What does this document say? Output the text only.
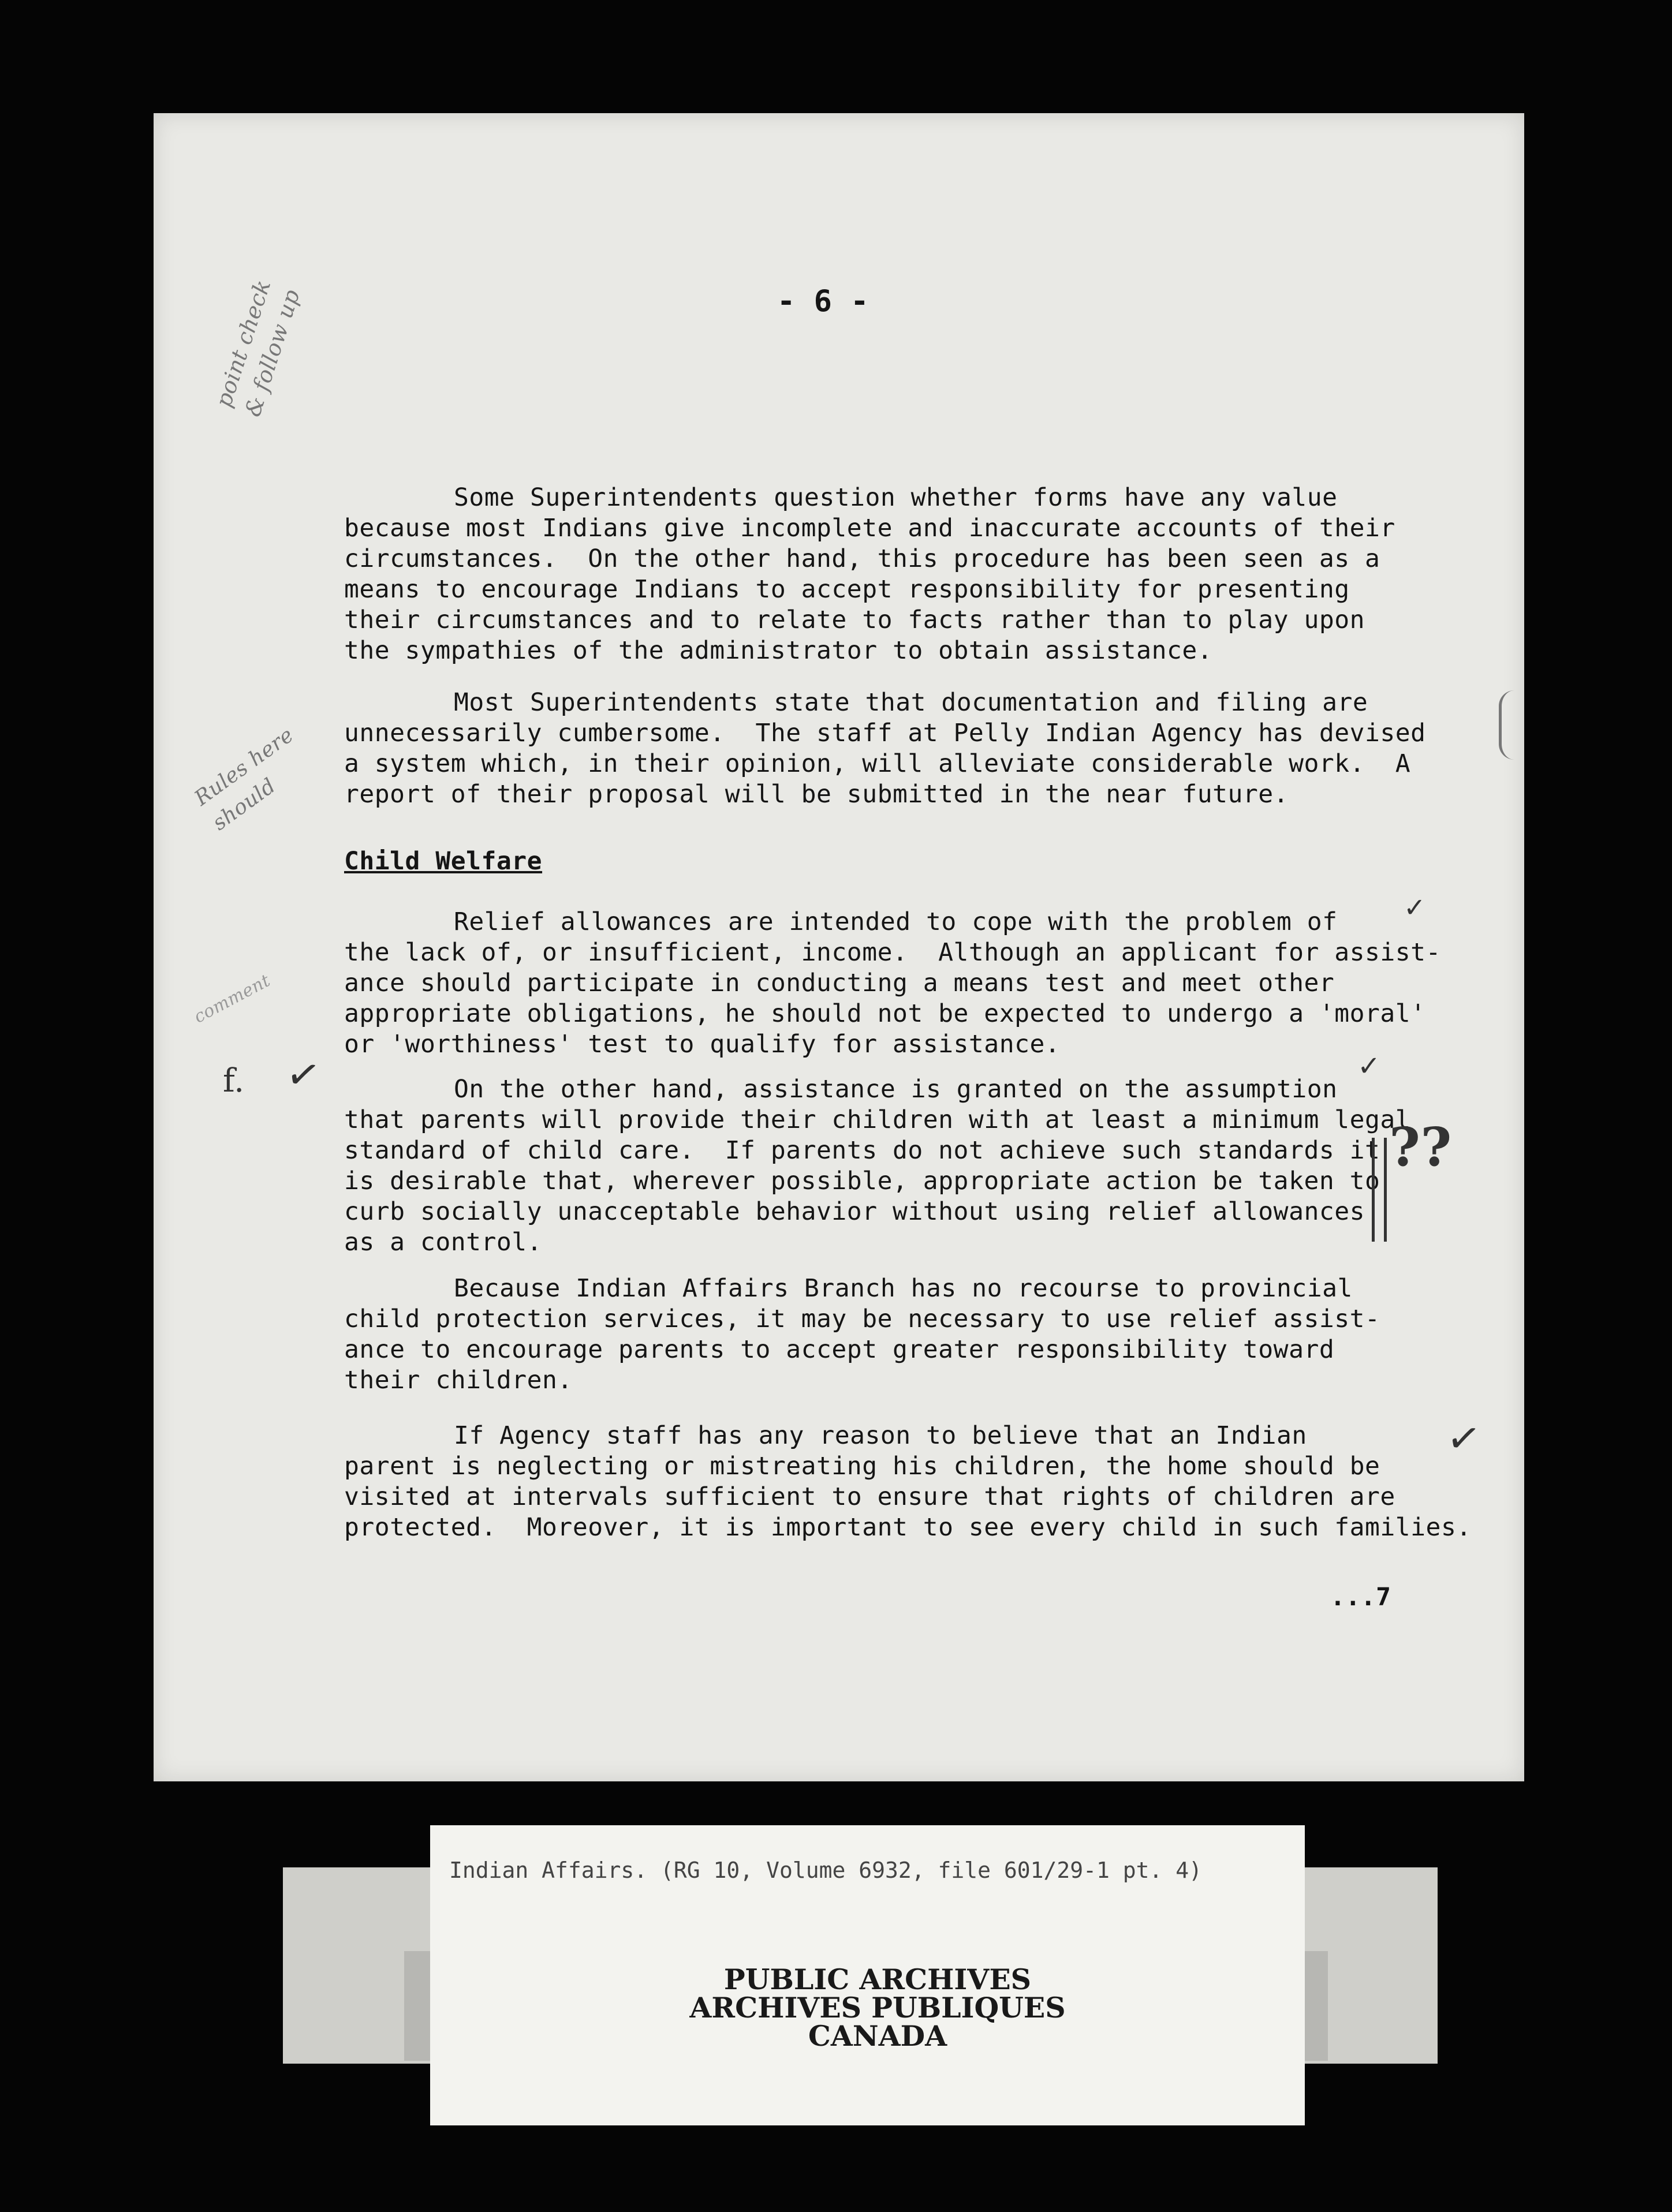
- 6 -
Some Superintendents question whether forms have any value
because most Indians give incomplete and inaccurate accounts of their
circumstances.  On the other hand, this procedure has been seen as a
means to encourage Indians to accept responsibility for presenting
their circumstances and to relate to facts rather than to play upon
the sympathies of the administrator to obtain assistance.
Most Superintendents state that documentation and filing are
unnecessarily cumbersome.  The staff at Pelly Indian Agency has devised
a system which, in their opinion, will alleviate considerable work.  A
report of their proposal will be submitted in the near future.
Child Welfare
Relief allowances are intended to cope with the problem of
the lack of, or insufficient, income.  Although an applicant for assist-
ance should participate in conducting a means test and meet other
appropriate obligations, he should not be expected to undergo a 'moral'
or 'worthiness' test to qualify for assistance.
On the other hand, assistance is granted on the assumption
that parents will provide their children with at least a minimum legal
standard of child care.  If parents do not achieve such standards it
is desirable that, wherever possible, appropriate action be taken to
curb socially unacceptable behavior without using relief allowances
as a control.
Because Indian Affairs Branch has no recourse to provincial
child protection services, it may be necessary to use relief assist-
ance to encourage parents to accept greater responsibility toward
their children.
If Agency staff has any reason to believe that an Indian
parent is neglecting or mistreating his children, the home should be
visited at intervals sufficient to ensure that rights of children are
protected.  Moreover, it is important to see every child in such families.
...7
point check & follow up
Rules here should
comment
f. ✓
✓
✓
✓
??
Indian Affairs. (RG 10, Volume 6932, file 601/29-1 pt. 4)
PUBLIC ARCHIVES
ARCHIVES PUBLIQUES
CANADA
